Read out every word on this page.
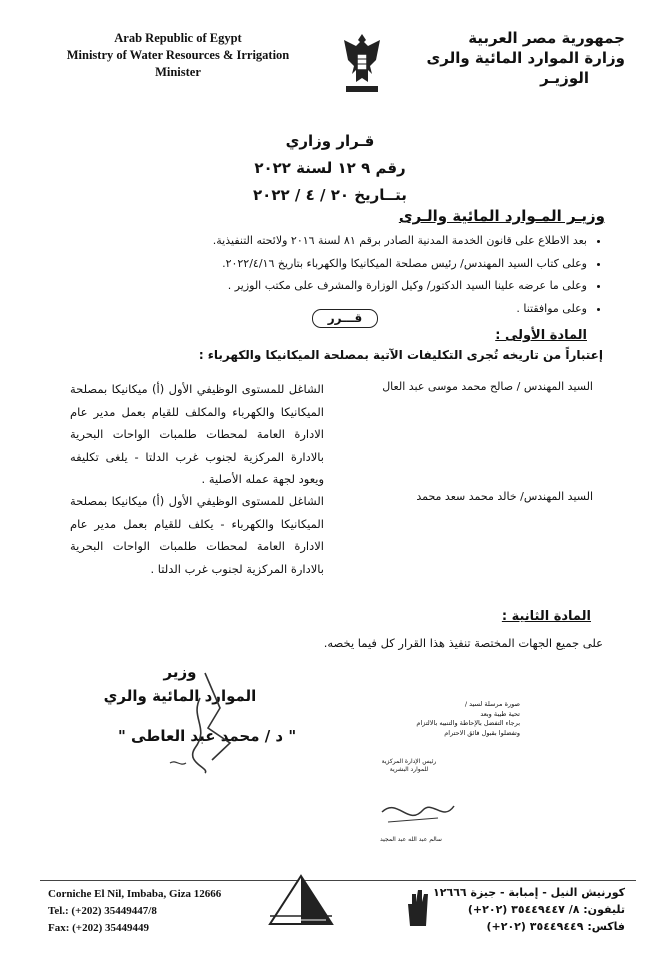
Arab Republic of Egypt
Ministry of Water Resources & Irrigation
Minister
جمهورية مصر العربية
وزارة الموارد المائية والرى
الوزيـر
قـرار وزاري
رقم ٩ ١٢ لسنة ٢٠٢٢
بتــاريخ ٢٠ / ٤ / ٢٠٢٢
وزيـر المـوارد المائية والـرى
• بعد الاطلاع على قانون الخدمة المدنية الصادر برقم ٨١ لسنة ٢٠١٦ ولائحته التنفيذية.
• وعلى كتاب السيد المهندس/ رئيس مصلحة الميكانيكا والكهرباء بتاريخ ٢٠٢٢/٤/١٦.
• وعلى ما عرضه علينا السيد الدكتور/ وكيل الوزارة والمشرف على مكتب الوزير .
• وعلى موافقتنا .
قـــرر
المادة الأولى :
إعتباراً من تاريخه تُجرى التكليفات الآتية بمصلحة الميكانيكا والكهرباء :
السيد المهندس / صالح محمد موسى عبد العال
الشاغل للمستوى الوظيفي الأول (أ) ميكانيكا بمصلحة الميكانيكا والكهرباء والمكلف للقيام بعمل مدير عام الادارة العامة لمحطات طلمبات الواحات البحرية بالادارة المركزية لجنوب غرب الدلتا - يلغى تكليفه ويعود لجهة عمله الأصلية .
السيد المهندس/ خالد محمد سعد محمد
الشاغل للمستوى الوظيفي الأول (أ) ميكانيكا بمصلحة الميكانيكا والكهرباء - يكلف للقيام بعمل مدير عام الادارة العامة لمحطات طلمبات الواحات البحرية بالادارة المركزية لجنوب غرب الدلتا .
المادة الثانية :
على جميع الجهات المختصة تنفيذ هذا القرار كل فيما يخصه.
وزير
الموارد المائية والري
" د / محمد عبد العاطى "
صورة مرسلة لسيد /
تحية طيبة وبعد
برجاء التفضل بالإحاطة والتنبيه بالالتزام
وتفضلوا بقبول فائق الاحترام
رئيس الإدارة المركزية
للموارد البشرية
سالم عبد الله عبد المجيد
Corniche El Nil, Imbaba, Giza 12666
Tel.: (+202) 35449447/8
Fax: (+202) 35449449
كورنيش النيل - إمبابة - جيزة ١٢٦٦٦
تليفون: ٨/ ٣٥٤٤٩٤٤٧ (٢٠٢+)
فاكس: ٣٥٤٤٩٤٤٩ (٢٠٢+)
